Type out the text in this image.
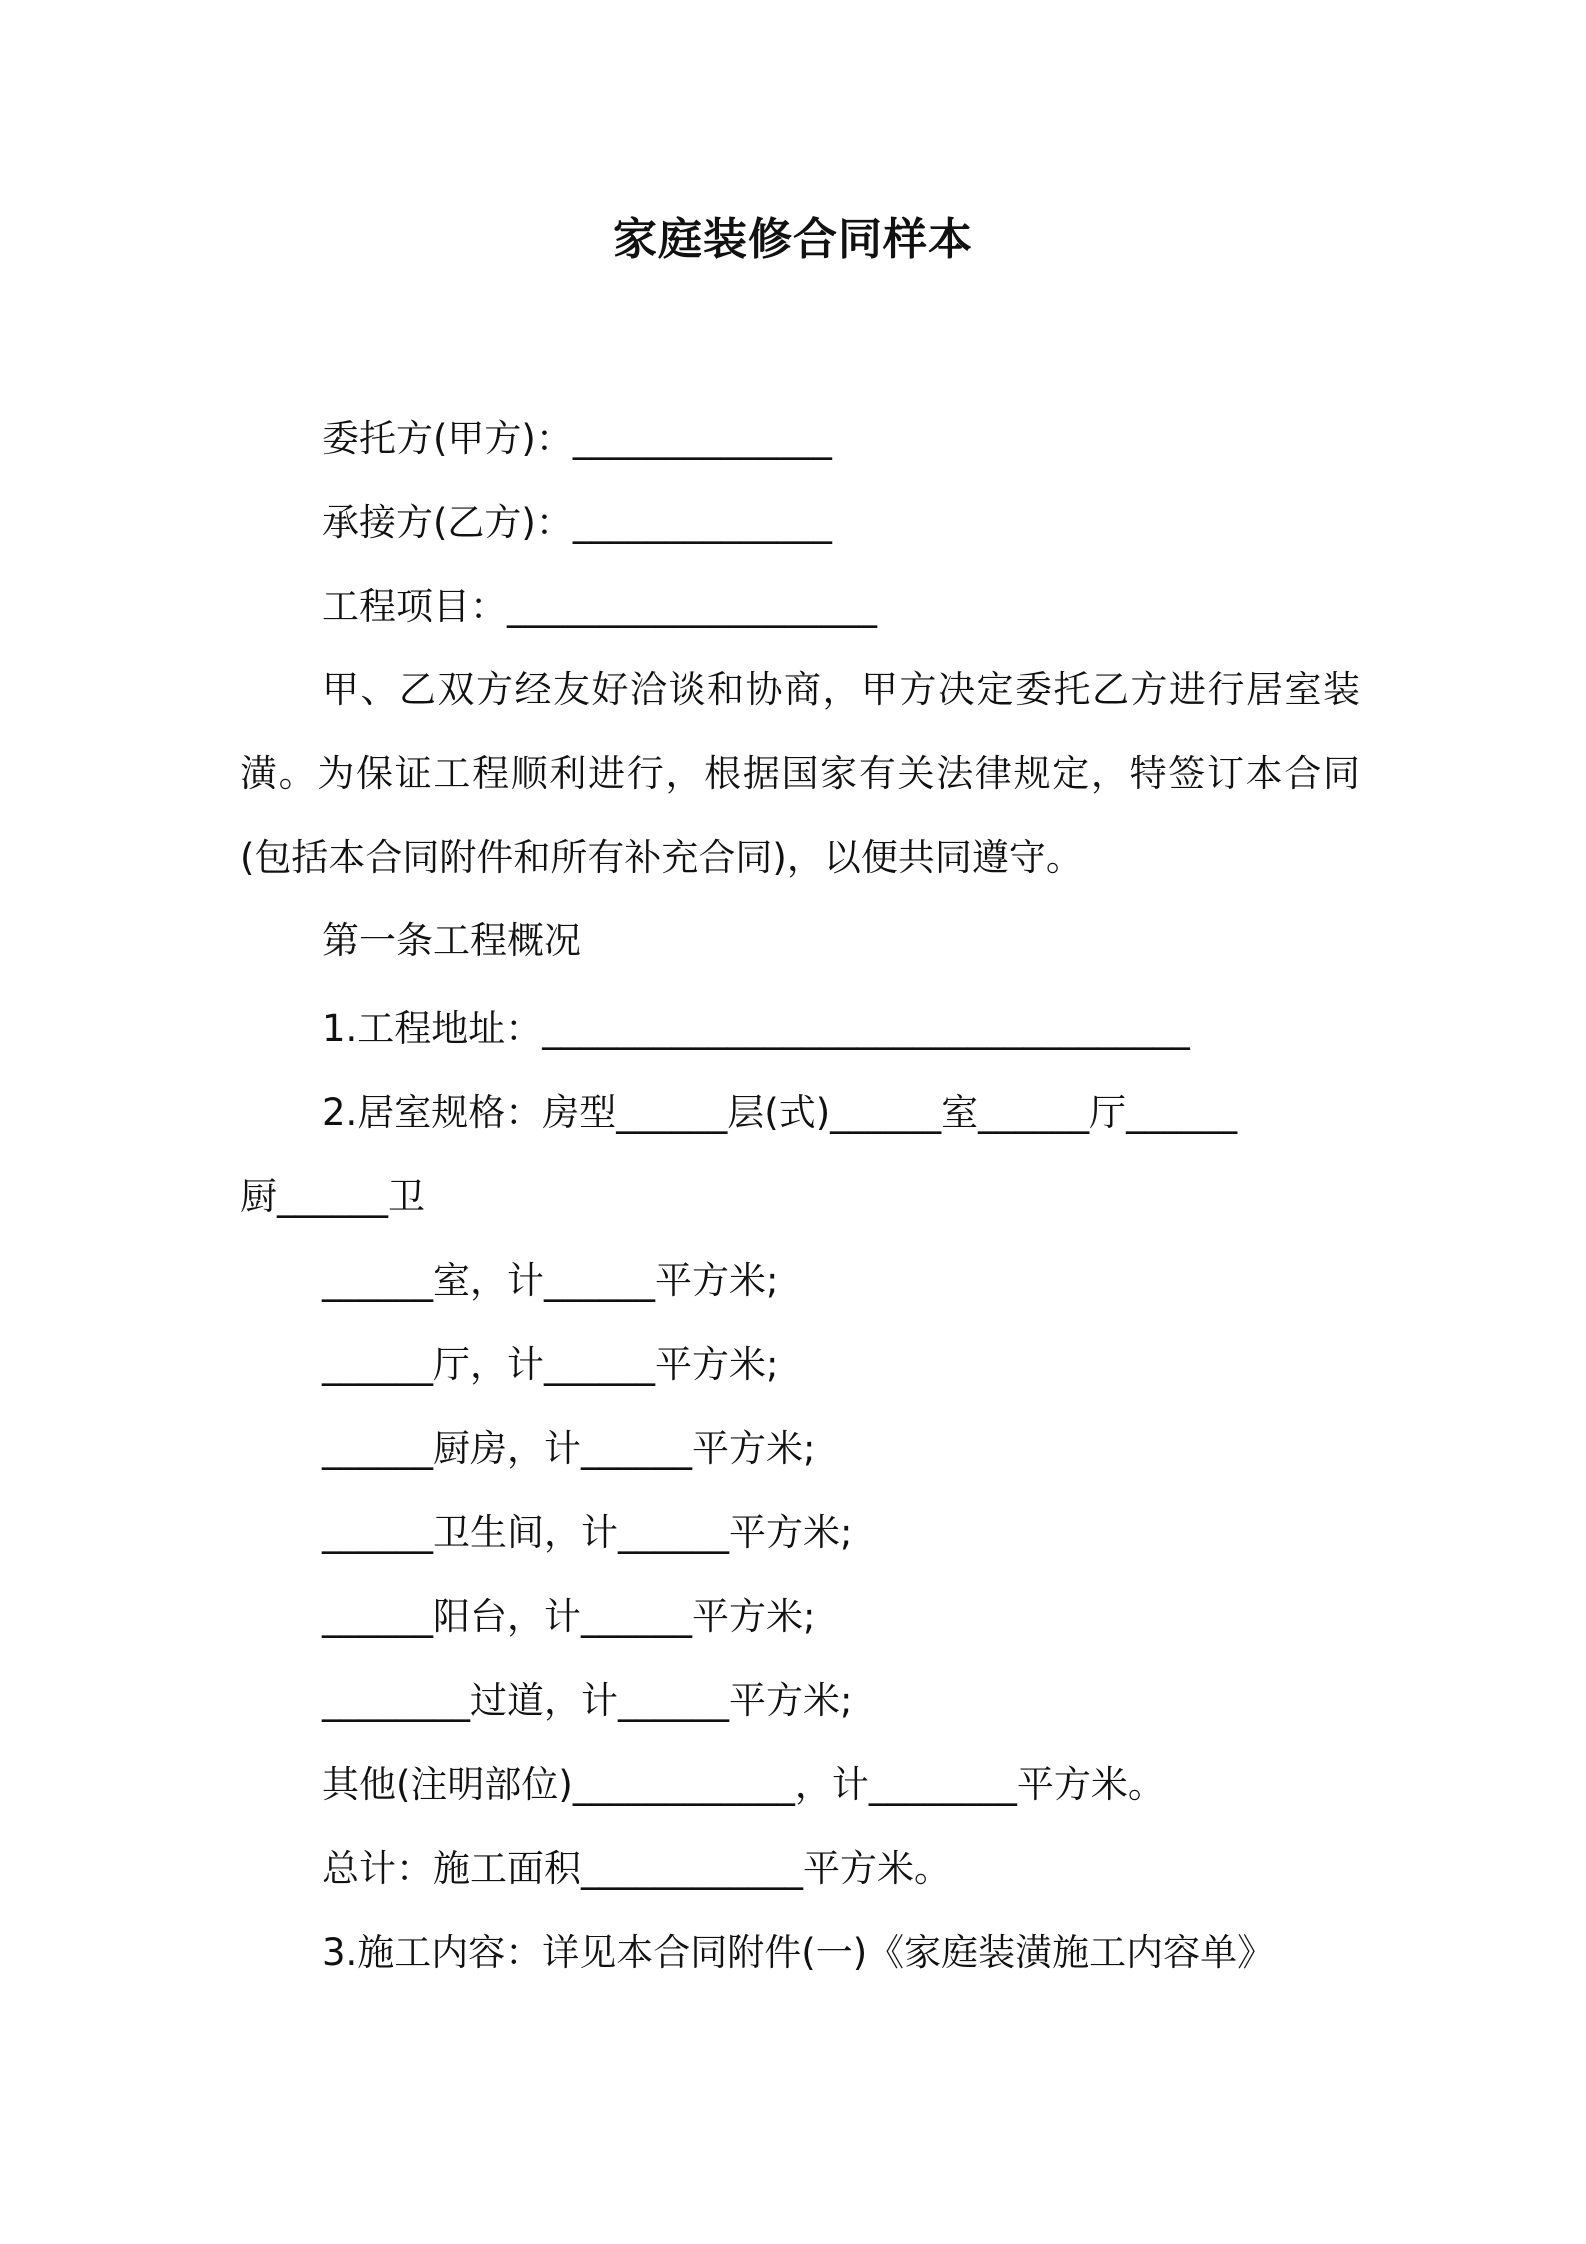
家庭装修合同样本
委托方(甲方)：______________
承接方(乙方)：______________
工程项目：____________________
甲、乙双方经友好洽谈和协商，甲方决定委托乙方进行居室装潢。为保证工程顺利进行，根据国家有关法律规定，特签订本合同(包括本合同附件和所有补充合同)，以便共同遵守。
第一条工程概况
1.工程地址：___________________________________
2.居室规格：房型______层(式)______室______厅______
厨______卫
______室，计______平方米;
______厅，计______平方米;
______厨房，计______平方米;
______卫生间，计______平方米;
______阳台，计______平方米;
________过道，计______平方米;
其他(注明部位)____________，计________平方米。
总计：施工面积____________平方米。
3.施工内容：详见本合同附件(一)《家庭装潢施工内容单》
